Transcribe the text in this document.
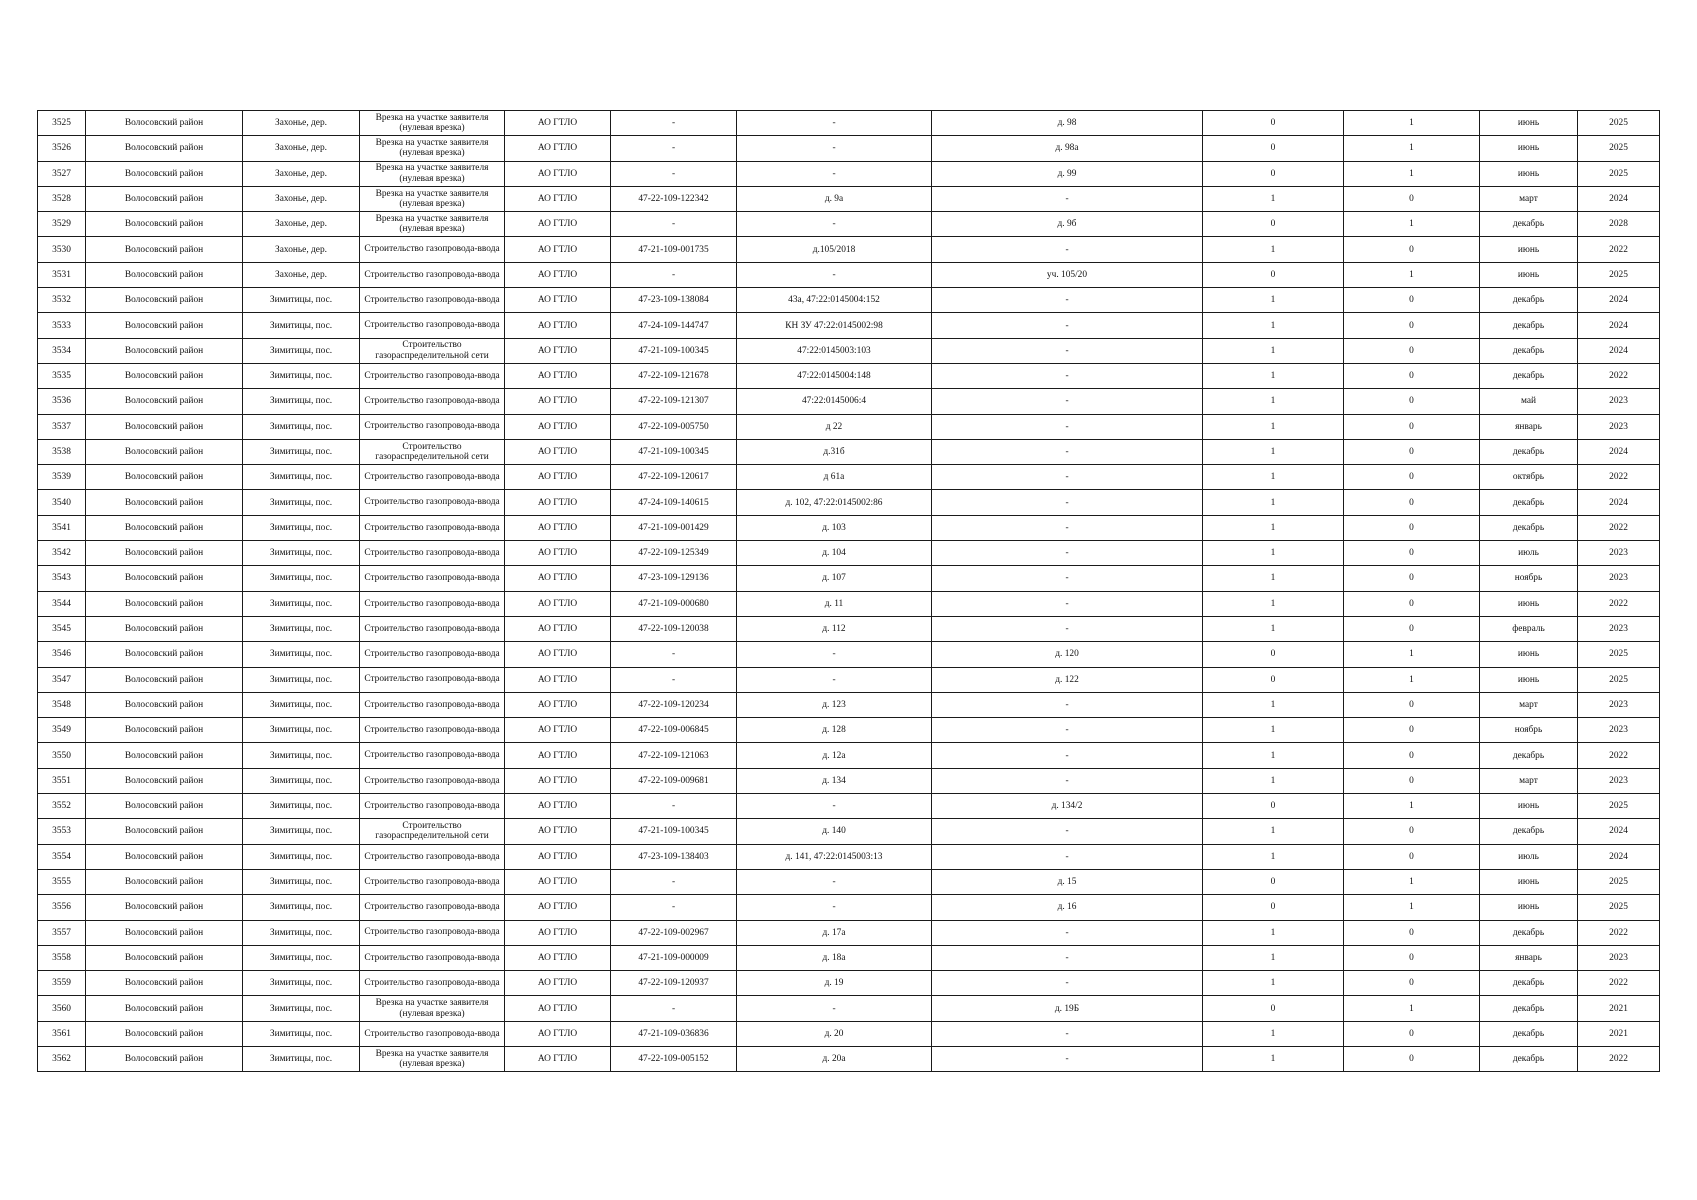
3525	Волосовский район	Захонье, дер.	Врезка на участке заявителя (нулевая врезка)	АО ГТЛО	-	-	д. 98	0	1	июнь	2025
3526	Волосовский район	Захонье, дер.	Врезка на участке заявителя (нулевая врезка)	АО ГТЛО	-	-	д. 98а	0	1	июнь	2025
3527	Волосовский район	Захонье, дер.	Врезка на участке заявителя (нулевая врезка)	АО ГТЛО	-	-	д. 99	0	1	июнь	2025
3528	Волосовский район	Захонье, дер.	Врезка на участке заявителя (нулевая врезка)	АО ГТЛО	47-22-109-122342	д. 9а	-	1	0	март	2024
3529	Волосовский район	Захонье, дер.	Врезка на участке заявителя (нулевая врезка)	АО ГТЛО	-	-	д. 9б	0	1	декабрь	2028
3530	Волосовский район	Захонье, дер.	Строительство газопровода-ввода	АО ГТЛО	47-21-109-001735	д.105/2018	-	1	0	июнь	2022
3531	Волосовский район	Захонье, дер.	Строительство газопровода-ввода	АО ГТЛО	-	-	уч. 105/20	0	1	июнь	2025
3532	Волосовский район	Зимитицы, пос.	Строительство газопровода-ввода	АО ГТЛО	47-23-109-138084	43а, 47:22:0145004:152	-	1	0	декабрь	2024
3533	Волосовский район	Зимитицы, пос.	Строительство газопровода-ввода	АО ГТЛО	47-24-109-144747	КН ЗУ 47:22:0145002:98	-	1	0	декабрь	2024
3534	Волосовский район	Зимитицы, пос.	Строительство газораспределительной сети	АО ГТЛО	47-21-109-100345	47:22:0145003:103	-	1	0	декабрь	2024
3535	Волосовский район	Зимитицы, пос.	Строительство газопровода-ввода	АО ГТЛО	47-22-109-121678	47:22:0145004:148	-	1	0	декабрь	2022
3536	Волосовский район	Зимитицы, пос.	Строительство газопровода-ввода	АО ГТЛО	47-22-109-121307	47:22:0145006:4	-	1	0	май	2023
3537	Волосовский район	Зимитицы, пос.	Строительство газопровода-ввода	АО ГТЛО	47-22-109-005750	д 22	-	1	0	январь	2023
3538	Волосовский район	Зимитицы, пос.	Строительство газораспределительной сети	АО ГТЛО	47-21-109-100345	д.31б	-	1	0	декабрь	2024
3539	Волосовский район	Зимитицы, пос.	Строительство газопровода-ввода	АО ГТЛО	47-22-109-120617	д 61а	-	1	0	октябрь	2022
3540	Волосовский район	Зимитицы, пос.	Строительство газопровода-ввода	АО ГТЛО	47-24-109-140615	д. 102, 47:22:0145002:86	-	1	0	декабрь	2024
3541	Волосовский район	Зимитицы, пос.	Строительство газопровода-ввода	АО ГТЛО	47-21-109-001429	д. 103	-	1	0	декабрь	2022
3542	Волосовский район	Зимитицы, пос.	Строительство газопровода-ввода	АО ГТЛО	47-22-109-125349	д. 104	-	1	0	июль	2023
3543	Волосовский район	Зимитицы, пос.	Строительство газопровода-ввода	АО ГТЛО	47-23-109-129136	д. 107	-	1	0	ноябрь	2023
3544	Волосовский район	Зимитицы, пос.	Строительство газопровода-ввода	АО ГТЛО	47-21-109-000680	д. 11	-	1	0	июнь	2022
3545	Волосовский район	Зимитицы, пос.	Строительство газопровода-ввода	АО ГТЛО	47-22-109-120038	д. 112	-	1	0	февраль	2023
3546	Волосовский район	Зимитицы, пос.	Строительство газопровода-ввода	АО ГТЛО	-	-	д. 120	0	1	июнь	2025
3547	Волосовский район	Зимитицы, пос.	Строительство газопровода-ввода	АО ГТЛО	-	-	д. 122	0	1	июнь	2025
3548	Волосовский район	Зимитицы, пос.	Строительство газопровода-ввода	АО ГТЛО	47-22-109-120234	д. 123	-	1	0	март	2023
3549	Волосовский район	Зимитицы, пос.	Строительство газопровода-ввода	АО ГТЛО	47-22-109-006845	д. 128	-	1	0	ноябрь	2023
3550	Волосовский район	Зимитицы, пос.	Строительство газопровода-ввода	АО ГТЛО	47-22-109-121063	д. 12а	-	1	0	декабрь	2022
3551	Волосовский район	Зимитицы, пос.	Строительство газопровода-ввода	АО ГТЛО	47-22-109-009681	д. 134	-	1	0	март	2023
3552	Волосовский район	Зимитицы, пос.	Строительство газопровода-ввода	АО ГТЛО	-	-	д. 134/2	0	1	июнь	2025
3553	Волосовский район	Зимитицы, пос.	Строительство газораспределительной сети	АО ГТЛО	47-21-109-100345	д. 140	-	1	0	декабрь	2024
3554	Волосовский район	Зимитицы, пос.	Строительство газопровода-ввода	АО ГТЛО	47-23-109-138403	д. 141, 47:22:0145003:13	-	1	0	июль	2024
3555	Волосовский район	Зимитицы, пос.	Строительство газопровода-ввода	АО ГТЛО	-	-	д. 15	0	1	июнь	2025
3556	Волосовский район	Зимитицы, пос.	Строительство газопровода-ввода	АО ГТЛО	-	-	д. 16	0	1	июнь	2025
3557	Волосовский район	Зимитицы, пос.	Строительство газопровода-ввода	АО ГТЛО	47-22-109-002967	д. 17а	-	1	0	декабрь	2022
3558	Волосовский район	Зимитицы, пос.	Строительство газопровода-ввода	АО ГТЛО	47-21-109-000009	д. 18а	-	1	0	январь	2023
3559	Волосовский район	Зимитицы, пос.	Строительство газопровода-ввода	АО ГТЛО	47-22-109-120937	д. 19	-	1	0	декабрь	2022
3560	Волосовский район	Зимитицы, пос.	Врезка на участке заявителя (нулевая врезка)	АО ГТЛО	-	-	д. 19Б	0	1	декабрь	2021
3561	Волосовский район	Зимитицы, пос.	Строительство газопровода-ввода	АО ГТЛО	47-21-109-036836	д. 20	-	1	0	декабрь	2021
3562	Волосовский район	Зимитицы, пос.	Врезка на участке заявителя (нулевая врезка)	АО ГТЛО	47-22-109-005152	д. 20а	-	1	0	декабрь	2022
